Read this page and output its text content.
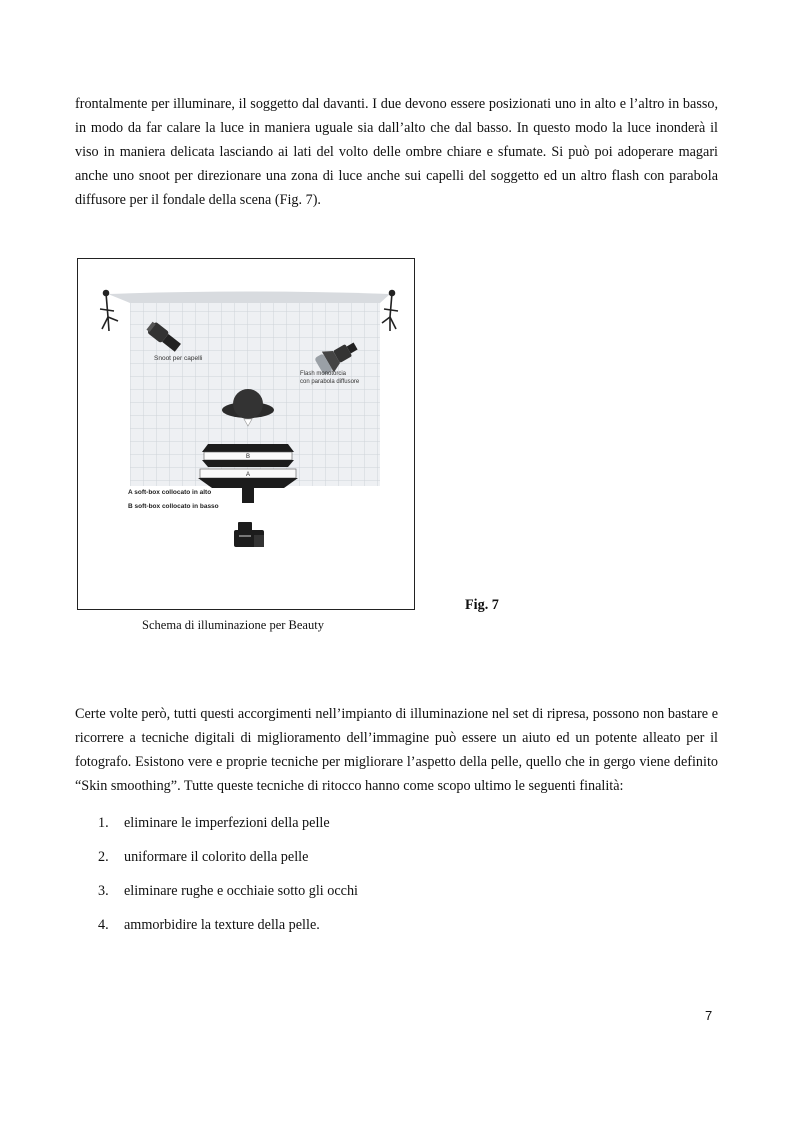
frontalmente per illuminare, il soggetto dal davanti. I due devono essere posizionati uno in alto e l’altro in basso, in modo da far calare la luce in maniera uguale sia dall’alto che dal basso. In questo modo la luce inonderà il viso in maniera delicata lasciando ai lati del volto delle ombre chiare e sfumate. Si può poi adoperare magari anche uno snoot per direzionare una zona di luce anche sui capelli del soggetto ed un altro flash con parabola diffusore per il fondale della scena (Fig. 7).

Snoot per capelli
Flash monotorcia
con parabola diffusore
B
A
A soft-box collocato in alto
B soft-box collocato in basso
Schema di illuminazione per Beauty
Fig. 7

Certe volte però, tutti questi accorgimenti nell’impianto di illuminazione nel set di ripresa, possono non bastare e ricorrere a tecniche digitali di miglioramento dell’immagine può essere un aiuto ed un potente alleato per il fotografo. Esistono vere e proprie tecniche per migliorare l’aspetto della pelle, quello che in gergo viene definito “Skin smoothing”. Tutte queste tecniche di ritocco hanno come scopo ultimo le seguenti finalità:

1. eliminare le imperfezioni della pelle
2. uniformare il colorito della pelle
3. eliminare rughe e occhiaie sotto gli occhi
4. ammorbidire la texture della pelle.
7
